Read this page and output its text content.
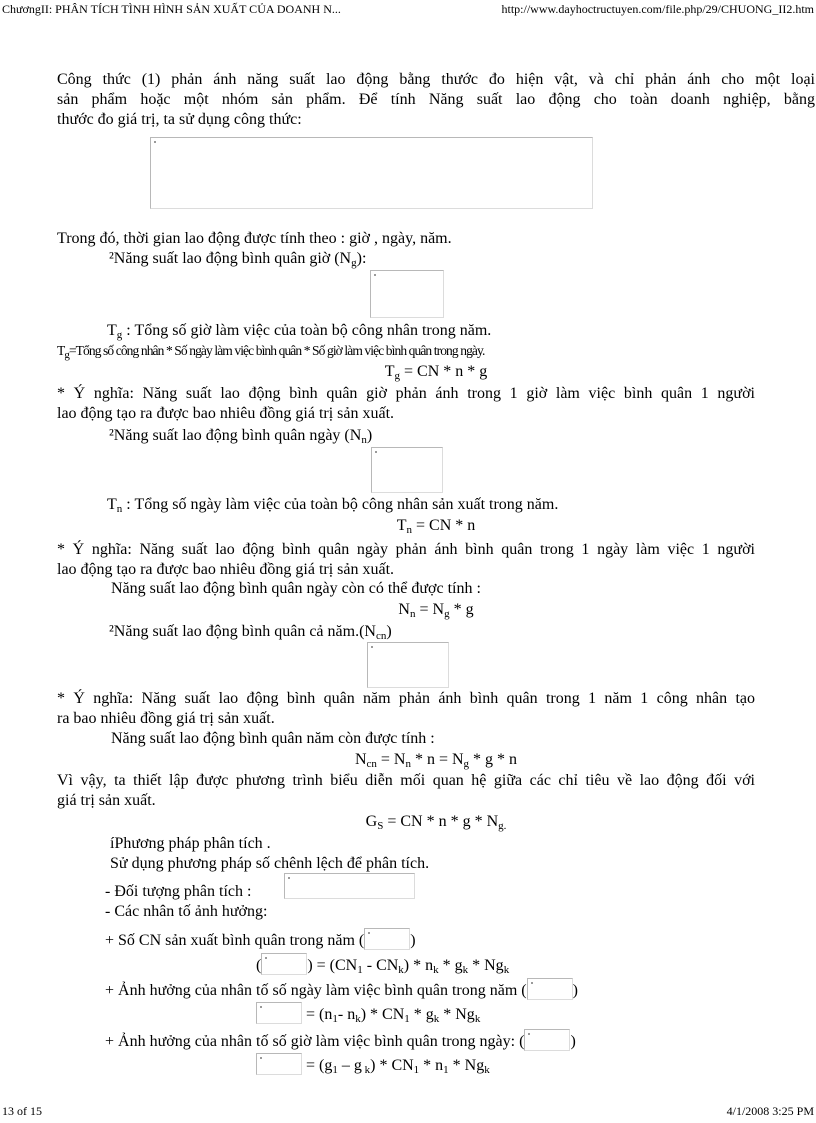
ChươngII: PHÂN TÍCH TÌNH HÌNH SẢN XUẤT CỦA DOANH N...	http://www.dayhoctructuyen.com/file.php/29/CHUONG_II2.htm
13 of 15	4/1/2008 3:25 PM
Công thức (1) phản ánh năng suất lao động bằng thước đo hiện vật, và chỉ phản ánh cho một loại
sản phẩm hoặc một nhóm sản phẩm. Để tính Năng suất lao động cho toàn doanh nghiệp, bằng
thước đo giá trị, ta sử dụng công thức:
Trong đó, thời gian lao động được tính theo : giờ , ngày, năm.
²Năng suất lao động bình quân giờ $(N_g)$:
$T_g$ : Tổng số giờ làm việc của toàn bộ công nhân trong năm.
$T_g=Tổng$ số công nhân * Số ngày làm việc bình quân * Số giờ làm việc bình quân trong ngày.
$T_g$ = CN * n * g
* Ý nghĩa: Năng suất lao động bình quân giờ phản ánh trong 1 giờ làm việc bình quân 1 người
lao động tạo ra được bao nhiêu đồng giá trị sản xuất.
²Năng suất lao động bình quân ngày $(N_n)$
$T_n$ : Tổng số ngày làm việc của toàn bộ công nhân sản xuất trong năm.
$T_n$ = CN * n
* Ý nghĩa: Năng suất lao động bình quân ngày phản ánh bình quân trong 1 ngày làm việc 1 người
lao động tạo ra được bao nhiêu đồng giá trị sản xuất.
Năng suất lao động bình quân ngày còn có thể được tính :
$N_n = N_g * g$
²Năng suất lao động bình quân cả $năm.(N_{cn})$
* Ý nghĩa: Năng suất lao động bình quân năm phản ánh bình quân trong 1 năm 1 công nhân tạo
ra bao nhiêu đồng giá trị sản xuất.
Năng suất lao động bình quân năm còn được tính :
$N_{cn} = N_n * n = N_g * g * n$
Vì vậy, ta thiết lập được phương trình biểu diễn mối quan hệ giữa các chỉ tiêu về lao động đối với
giá trị sản xuất.
$G_S$ = CN * n * g * $N_{g.}$
íPhương pháp phân tích .
Sử dụng phương pháp số chênh lệch để phân tích.
- Đối tượng phân tích :
- Các nhân tố ảnh hưởng:
+ Số CN sản xuất bình quân trong năm (	)
(	) = $(CN_1 - CN_k) * n_k * g_k * Ng_k$
+ Ảnh hưởng của nhân tố số ngày làm việc bình quân trong năm (	)
= ($n_1-$ $n_k) * CN_1 * g_k * Ng_k$
+ Ảnh hưởng của nhân tố số giờ làm việc bình quân trong ngày: (	)
= ($g_1$ – g $_k) * CN_1 * n_1 * Ng_k$
